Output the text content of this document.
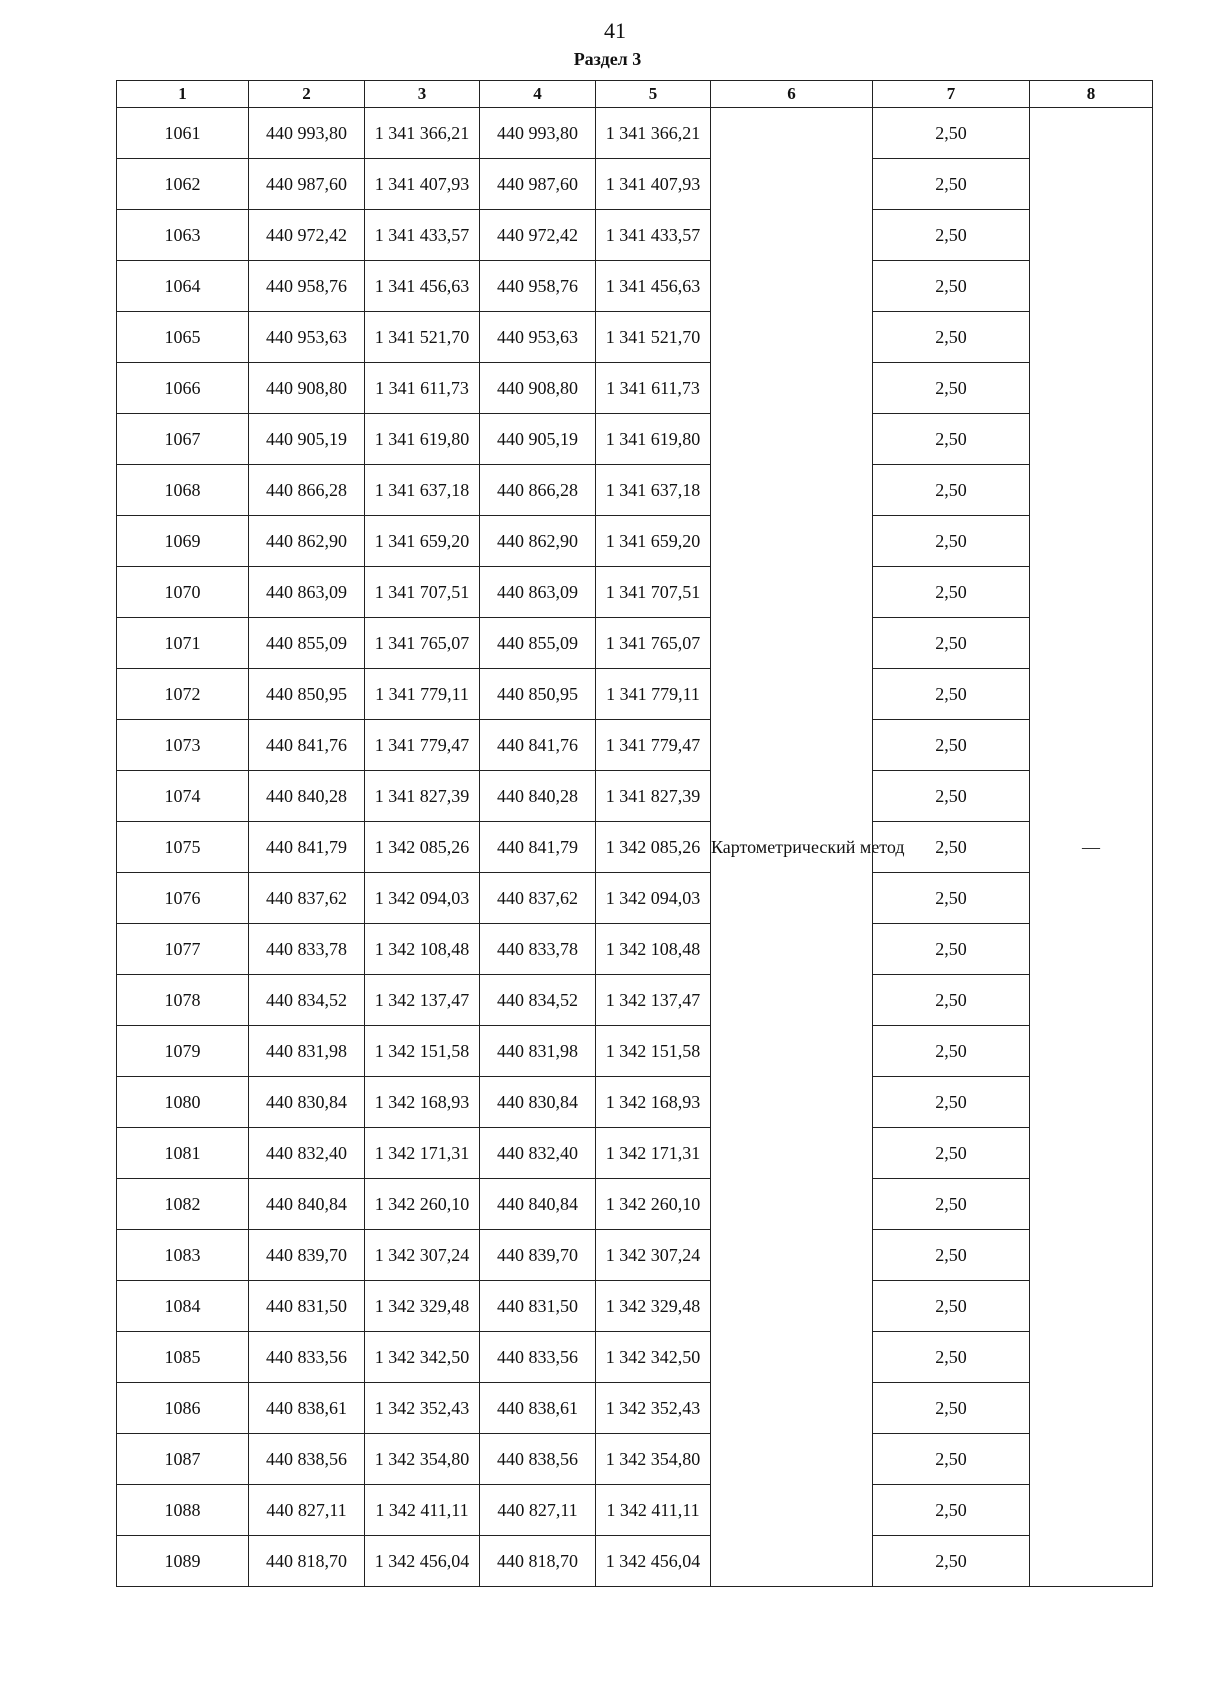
41
Раздел 3
1	2	3	4	5	6	7	8
1061	440 993,80	1 341 366,21	440 993,80	1 341 366,21	Картометрический метод	2,50	—
1062	440 987,60	1 341 407,93	440 987,60	1 341 407,93		2,50	
1063	440 972,42	1 341 433,57	440 972,42	1 341 433,57		2,50	
1064	440 958,76	1 341 456,63	440 958,76	1 341 456,63		2,50	
1065	440 953,63	1 341 521,70	440 953,63	1 341 521,70		2,50	
1066	440 908,80	1 341 611,73	440 908,80	1 341 611,73		2,50	
1067	440 905,19	1 341 619,80	440 905,19	1 341 619,80		2,50	
1068	440 866,28	1 341 637,18	440 866,28	1 341 637,18		2,50	
1069	440 862,90	1 341 659,20	440 862,90	1 341 659,20		2,50	
1070	440 863,09	1 341 707,51	440 863,09	1 341 707,51		2,50	
1071	440 855,09	1 341 765,07	440 855,09	1 341 765,07		2,50	
1072	440 850,95	1 341 779,11	440 850,95	1 341 779,11		2,50	
1073	440 841,76	1 341 779,47	440 841,76	1 341 779,47		2,50	
1074	440 840,28	1 341 827,39	440 840,28	1 341 827,39		2,50	
1075	440 841,79	1 342 085,26	440 841,79	1 342 085,26		2,50	
1076	440 837,62	1 342 094,03	440 837,62	1 342 094,03		2,50	
1077	440 833,78	1 342 108,48	440 833,78	1 342 108,48		2,50	
1078	440 834,52	1 342 137,47	440 834,52	1 342 137,47		2,50	
1079	440 831,98	1 342 151,58	440 831,98	1 342 151,58		2,50	
1080	440 830,84	1 342 168,93	440 830,84	1 342 168,93		2,50	
1081	440 832,40	1 342 171,31	440 832,40	1 342 171,31		2,50	
1082	440 840,84	1 342 260,10	440 840,84	1 342 260,10		2,50	
1083	440 839,70	1 342 307,24	440 839,70	1 342 307,24		2,50	
1084	440 831,50	1 342 329,48	440 831,50	1 342 329,48		2,50	
1085	440 833,56	1 342 342,50	440 833,56	1 342 342,50		2,50	
1086	440 838,61	1 342 352,43	440 838,61	1 342 352,43		2,50	
1087	440 838,56	1 342 354,80	440 838,56	1 342 354,80		2,50	
1088	440 827,11	1 342 411,11	440 827,11	1 342 411,11		2,50	
1089	440 818,70	1 342 456,04	440 818,70	1 342 456,04		2,50	
